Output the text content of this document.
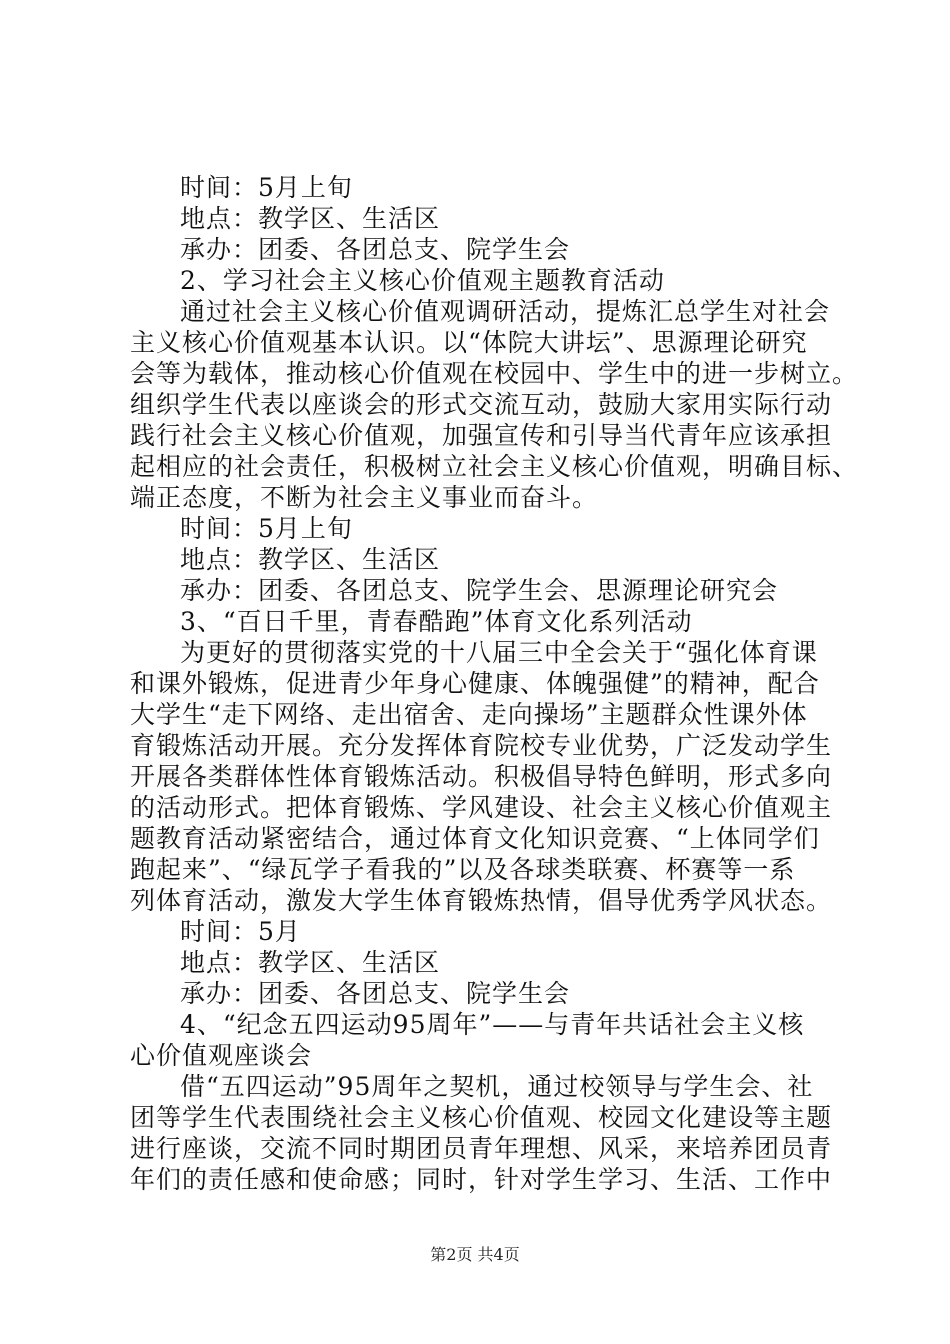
时间：5月上旬
地点：教学区、生活区
承办：团委、各团总支、院学生会
2、学习社会主义核心价值观主题教育活动
通过社会主义核心价值观调研活动，提炼汇总学生对社会
主义核心价值观基本认识。以“体院大讲坛”、思源理论研究
会等为载体，推动核心价值观在校园中、学生中的进一步树立。
组织学生代表以座谈会的形式交流互动，鼓励大家用实际行动
践行社会主义核心价值观，加强宣传和引导当代青年应该承担
起相应的社会责任，积极树立社会主义核心价值观，明确目标、
端正态度，不断为社会主义事业而奋斗。
时间：5月上旬
地点：教学区、生活区
承办：团委、各团总支、院学生会、思源理论研究会
3、“百日千里，青春酷跑”体育文化系列活动
为更好的贯彻落实党的十八届三中全会关于“强化体育课
和课外锻炼，促进青少年身心健康、体魄强健”的精神，配合
大学生“走下网络、走出宿舍、走向操场”主题群众性课外体
育锻炼活动开展。充分发挥体育院校专业优势，广泛发动学生
开展各类群体性体育锻炼活动。积极倡导特色鲜明，形式多向
的活动形式。把体育锻炼、学风建设、社会主义核心价值观主
题教育活动紧密结合，通过体育文化知识竞赛、“上体同学们
跑起来”、“绿瓦学子看我的”以及各球类联赛、杯赛等一系
列体育活动，激发大学生体育锻炼热情，倡导优秀学风状态。
时间：5月
地点：教学区、生活区
承办：团委、各团总支、院学生会
4、“纪念五四运动95周年”——与青年共话社会主义核
心价值观座谈会
借“五四运动”95周年之契机，通过校领导与学生会、社
团等学生代表围绕社会主义核心价值观、校园文化建设等主题
进行座谈，交流不同时期团员青年理想、风采，来培养团员青
年们的责任感和使命感；同时，针对学生学习、生活、工作中
第2页 共4页
